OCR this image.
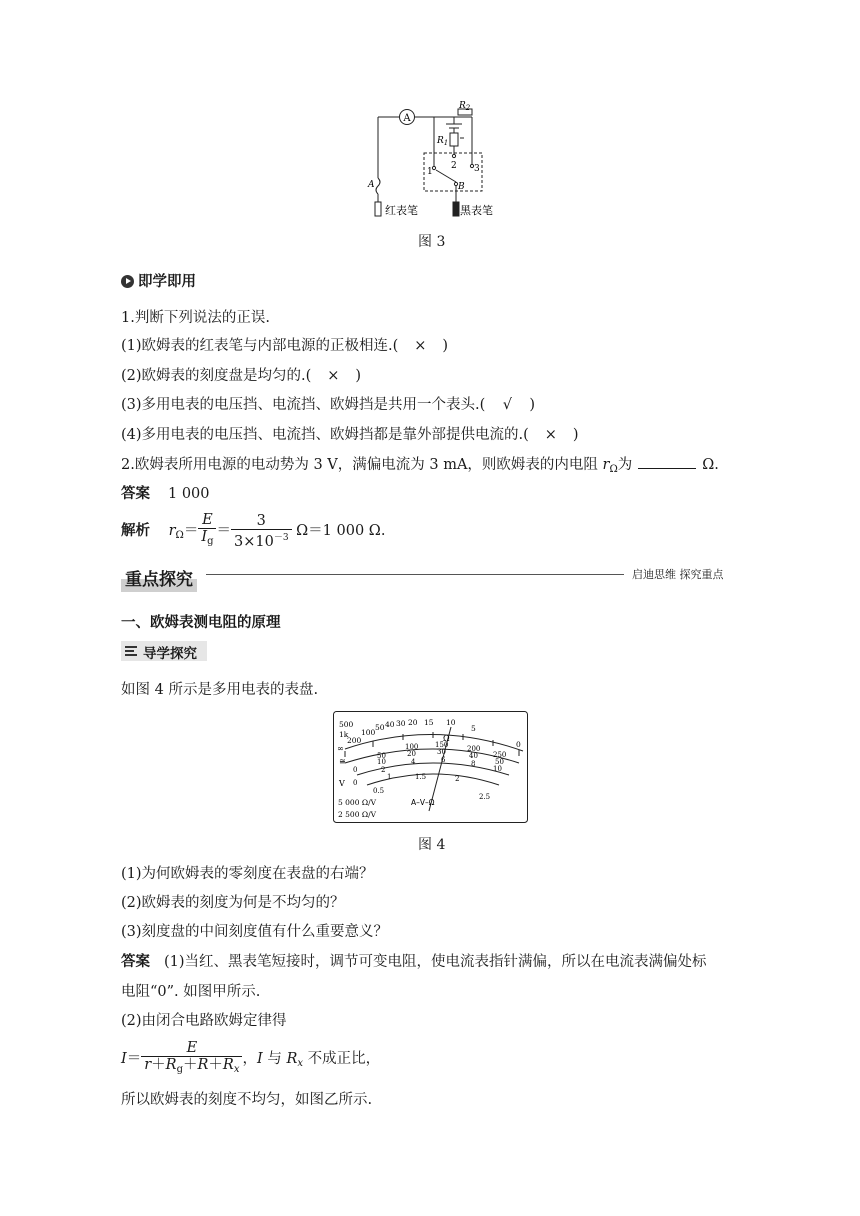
A
$R_2$
$R_1$
1
2 3
A	B
红表笔	黑表笔
图 3
即学即用
1.判断下列说法的正误.
(1)欧姆表的红表笔与内部电源的正极相连.( × )
(2)欧姆表的刻度盘是均匀的.( × )
(3)多用电表的电压挡、电流挡、欧姆挡是共用一个表头.( √ )
(4)多用电表的电压挡、电流挡、欧姆挡都是靠外部提供电流的.( × )
2.欧姆表所用电源的电动势为 3 V，满偏电流为 3 mA，则欧姆表的内电阻 $r_\Omega$为	Ω.
答案 1 000
解析 $r_\Omega= \frac{E}{I_g} = \frac{3}{3\times 10^{-3}} \Omega=1$ 000 Ω.
重点探究	启迪思维 探究重点
一、欧姆表测电阻的原理
导学探究
如图 4 所示是多用电表的表盘.
500
1k
200
100
50 40 30 20 15 10
5
0
∞
Ω
≅
0
50
100 150	200
250
10
20	30	40
50
2
4	6	8
10
V 0
0.5
1	1.5	2
2.5
5 000 Ω/V
2 500 Ω/V
A–V–Ω
图 4
(1)为何欧姆表的零刻度在表盘的右端？
(2)欧姆表的刻度为何是不均匀的？
(3)刻度盘的中间刻度值有什么重要意义？
答案 (1)当红、黑表笔短接时，调节可变电阻，使电流表指针满偏，所以在电流表满偏处标
电阻“0”. 如图甲所示.
(2)由闭合电路欧姆定律得
$I= \frac{E}{r+R_g+R+R_x}$ ，I 与 $R_x$ 不成正比，
所以欧姆表的刻度不均匀，如图乙所示.
